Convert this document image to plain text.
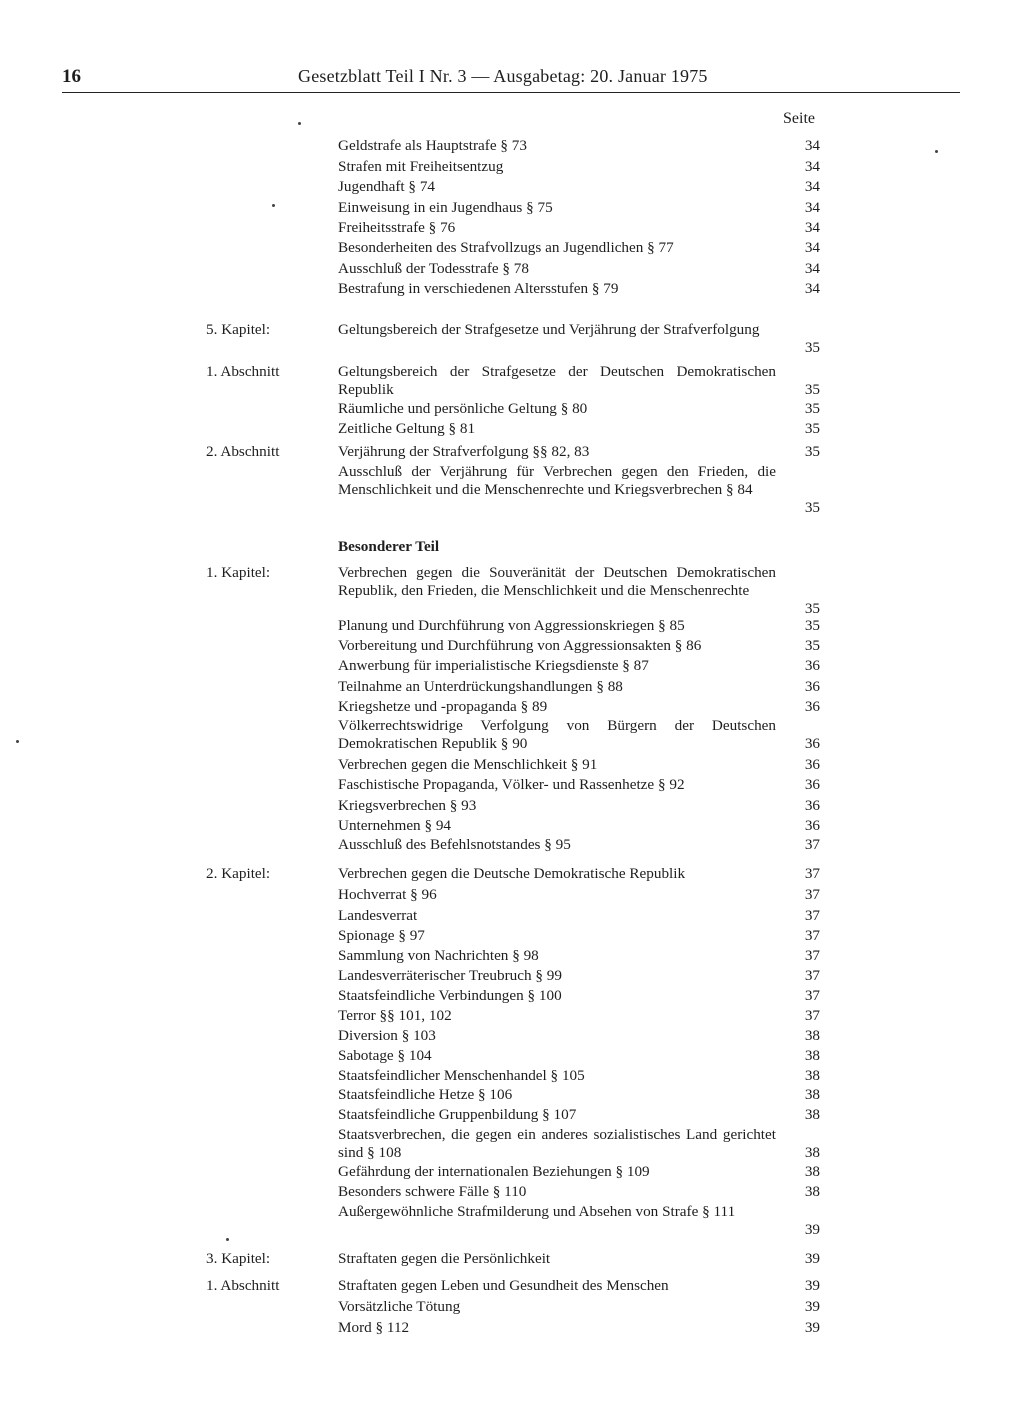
16	Gesetzblatt Teil I Nr. 3 — Ausgabetag: 20. Januar 1975
Seite
Geldstrafe als Hauptstrafe § 73	34
Strafen mit Freiheitsentzug	34
Jugendhaft § 74	34
Einweisung in ein Jugendhaus § 75	34
Freiheitsstrafe § 76	34
Besonderheiten des Strafvollzugs an Jugendlichen § 77	34
Ausschluß der Todesstrafe § 78	34
Bestrafung in verschiedenen Altersstufen § 79	34
5. Kapitel:	Geltungsbereich der Strafgesetze und Verjährung der Strafverfolgung
35
1. Abschnitt	Geltungsbereich der Strafgesetze der Deutschen Demokratischen Republik	35
Räumliche und persönliche Geltung § 80	35
Zeitliche Geltung § 81	35
2. Abschnitt	Verjährung der Strafverfolgung §§ 82, 83	35
Ausschluß der Verjährung für Verbrechen gegen den Frieden, die Menschlichkeit und die Menschenrechte und Kriegsverbrechen § 84
35
Besonderer Teil
1. Kapitel:	Verbrechen gegen die Souveränität der Deutschen Demokratischen Republik, den Frieden, die Menschlichkeit und die Menschenrechte
35
Planung und Durchführung von Aggressionskriegen § 85	35
Vorbereitung und Durchführung von Aggressionsakten § 86	35
Anwerbung für imperialistische Kriegsdienste § 87	36
Teilnahme an Unterdrückungshandlungen § 88	36
Kriegshetze und -propaganda § 89	36
Völkerrechtswidrige Verfolgung von Bürgern der Deutschen Demokratischen Republik § 90	36
Verbrechen gegen die Menschlichkeit § 91	36
Faschistische Propaganda, Völker- und Rassenhetze § 92	36
Kriegsverbrechen § 93	36
Unternehmen § 94	36
Ausschluß des Befehlsnotstandes § 95	37
2. Kapitel:	Verbrechen gegen die Deutsche Demokratische Republik	37
Hochverrat § 96	37
Landesverrat	37
Spionage § 97	37
Sammlung von Nachrichten § 98	37
Landesverräterischer Treubruch § 99	37
Staatsfeindliche Verbindungen § 100	37
Terror §§ 101, 102	37
Diversion § 103	38
Sabotage § 104	38
Staatsfeindlicher Menschenhandel § 105	38
Staatsfeindliche Hetze § 106	38
Staatsfeindliche Gruppenbildung § 107	38
Staatsverbrechen, die gegen ein anderes sozialistisches Land gerichtet sind § 108	38
Gefährdung der internationalen Beziehungen § 109	38
Besonders schwere Fälle § 110	38
Außergewöhnliche Strafmilderung und Absehen von Strafe § 111
39
3. Kapitel:	Straftaten gegen die Persönlichkeit	39
1. Abschnitt	Straftaten gegen Leben und Gesundheit des Menschen	39
Vorsätzliche Tötung	39
Mord § 112	39
